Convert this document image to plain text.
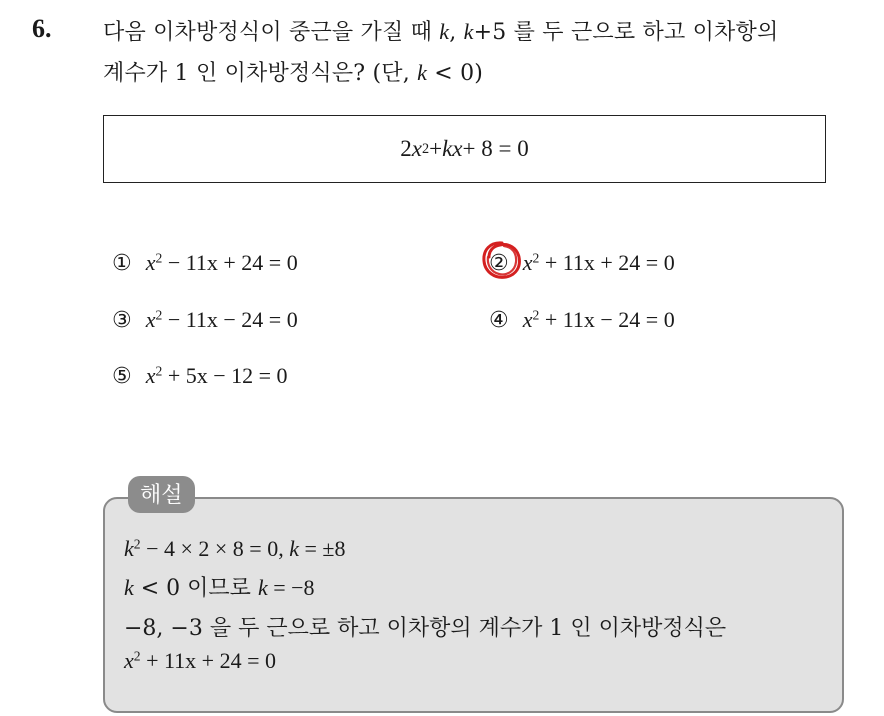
6. 다음 이차방정식이 중근을 가질 때 k, k+5 를 두 근으로 하고 이차항의
계수가 1 인 이차방정식은? (단, k < 0)
2 x 2 + kx + 8 = 0
① $x^2 - 11x + 24 = 0$	② $x^2 + 11x + 24 = 0$
③ $x^2 - 11x - 24 = 0$	④ $x^2 + 11x - 24 = 0$
⑤ $x^2 + 5x - 12 = 0$
해설
$k^2 - 4 \times 2 \times 8 = 0$, k = ±8
k < 0 이므로 k = −8
−8, −3 을 두 근으로 하고 이차항의 계수가 1 인 이차방정식은
$x^2 + 11x + 24 = 0$
